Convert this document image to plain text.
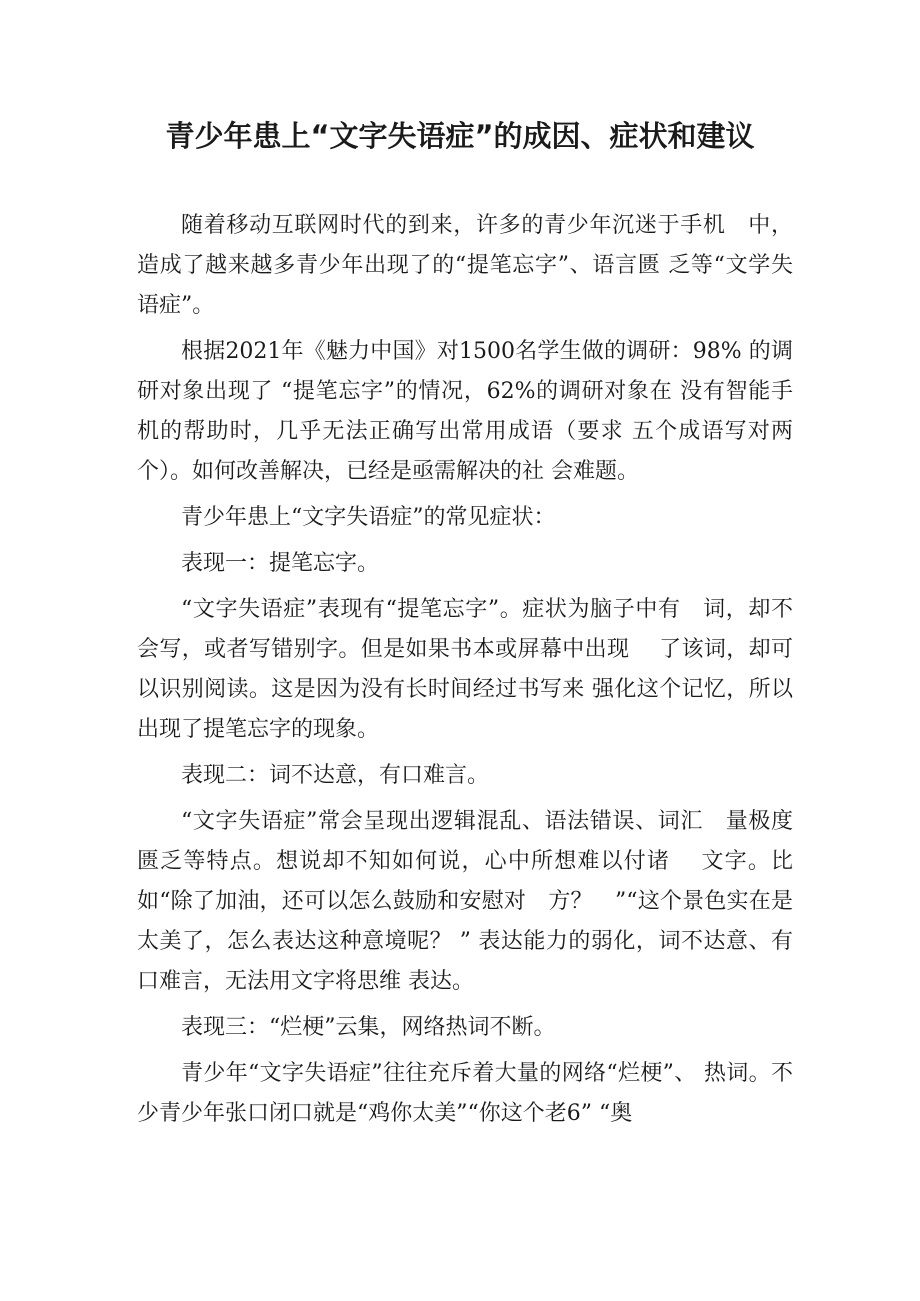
青少年患上“文字失语症”的成因、症状和建议

随着移动互联网时代的到来，许多的青少年沉迷于手机　中，造成了越来越多青少年出现了的“提笔忘字”、语言匮 乏等“文学失语症”。

根据2021年《魅力中国》对1500名学生做的调研：98% 的调研对象出现了 “提笔忘字”的情况，62%的调研对象在 没有智能手机的帮助时，几乎无法正确写出常用成语（要求 五个成语写对两个）。如何改善解决，已经是亟需解决的社 会难题。

青少年患上“文字失语症”的常见症状：

表现一：提笔忘字。

“文字失语症”表现有“提笔忘字”。症状为脑子中有　词，却不会写，或者写错别字。但是如果书本或屏幕中出现　 了该词，却可以识别阅读。这是因为没有长时间经过书写来 强化这个记忆，所以出现了提笔忘字的现象。

表现二：词不达意，有口难言。

“文字失语症”常会呈现出逻辑混乱、语法错误、词汇　量极度匮乏等特点。想说却不知如何说，心中所想难以付诸　 文字。比如“除了加油，还可以怎么鼓励和安慰对　方？　”“这个景色实在是太美了，怎么表达这种意境呢？ ” 表达能力的弱化，词不达意、有口难言，无法用文字将思维 表达。

表现三：“烂梗”云集，网络热词不断。

青少年“文字失语症”往往充斥着大量的网络“烂梗”、 热词。不少青少年张口闭口就是“鸡你太美”“你这个老6” “奥
